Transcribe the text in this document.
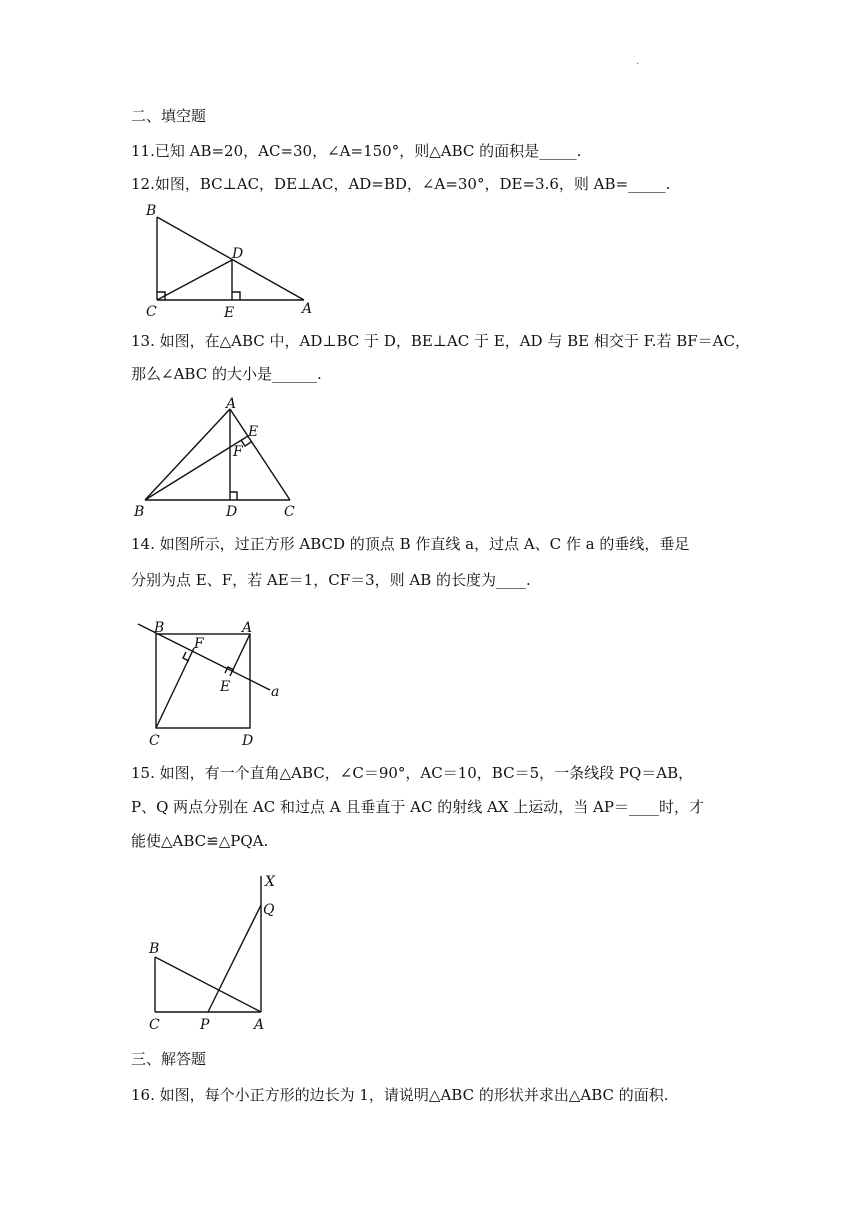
.
二、填空题
11.已知 AB=20，AC=30，∠A=150°，则△ABC 的面积是_____.
12.如图，BC⊥AC，DE⊥AC，AD=BD，∠A=30°，DE=3.6，则 AB=_____.
B
D
C	E	A
13. 如图，在△ABC 中，AD⊥BC 于 D，BE⊥AC 于 E，AD 与 BE 相交于 F.若 BF＝AC，
那么∠ABC 的大小是______.
A
E
F
B	D	C
14. 如图所示，过正方形 ABCD 的顶点 B 作直线 a，过点 A、C 作 a 的垂线，垂足
分别为点 E、F，若 AE＝1，CF＝3，则 AB 的长度为____.
B	A
F
E	a
C	D
15. 如图，有一个直角△ABC，∠C＝90°，AC＝10，BC＝5，一条线段 PQ＝AB，
P、Q 两点分别在 AC 和过点 A 且垂直于 AC 的射线 AX 上运动，当 AP＝____时，才
能使△ABC≌△PQA.
X
Q
B
C	P	A
三、解答题
16. 如图，每个小正方形的边长为 1，请说明△ABC 的形状并求出△ABC 的面积.
